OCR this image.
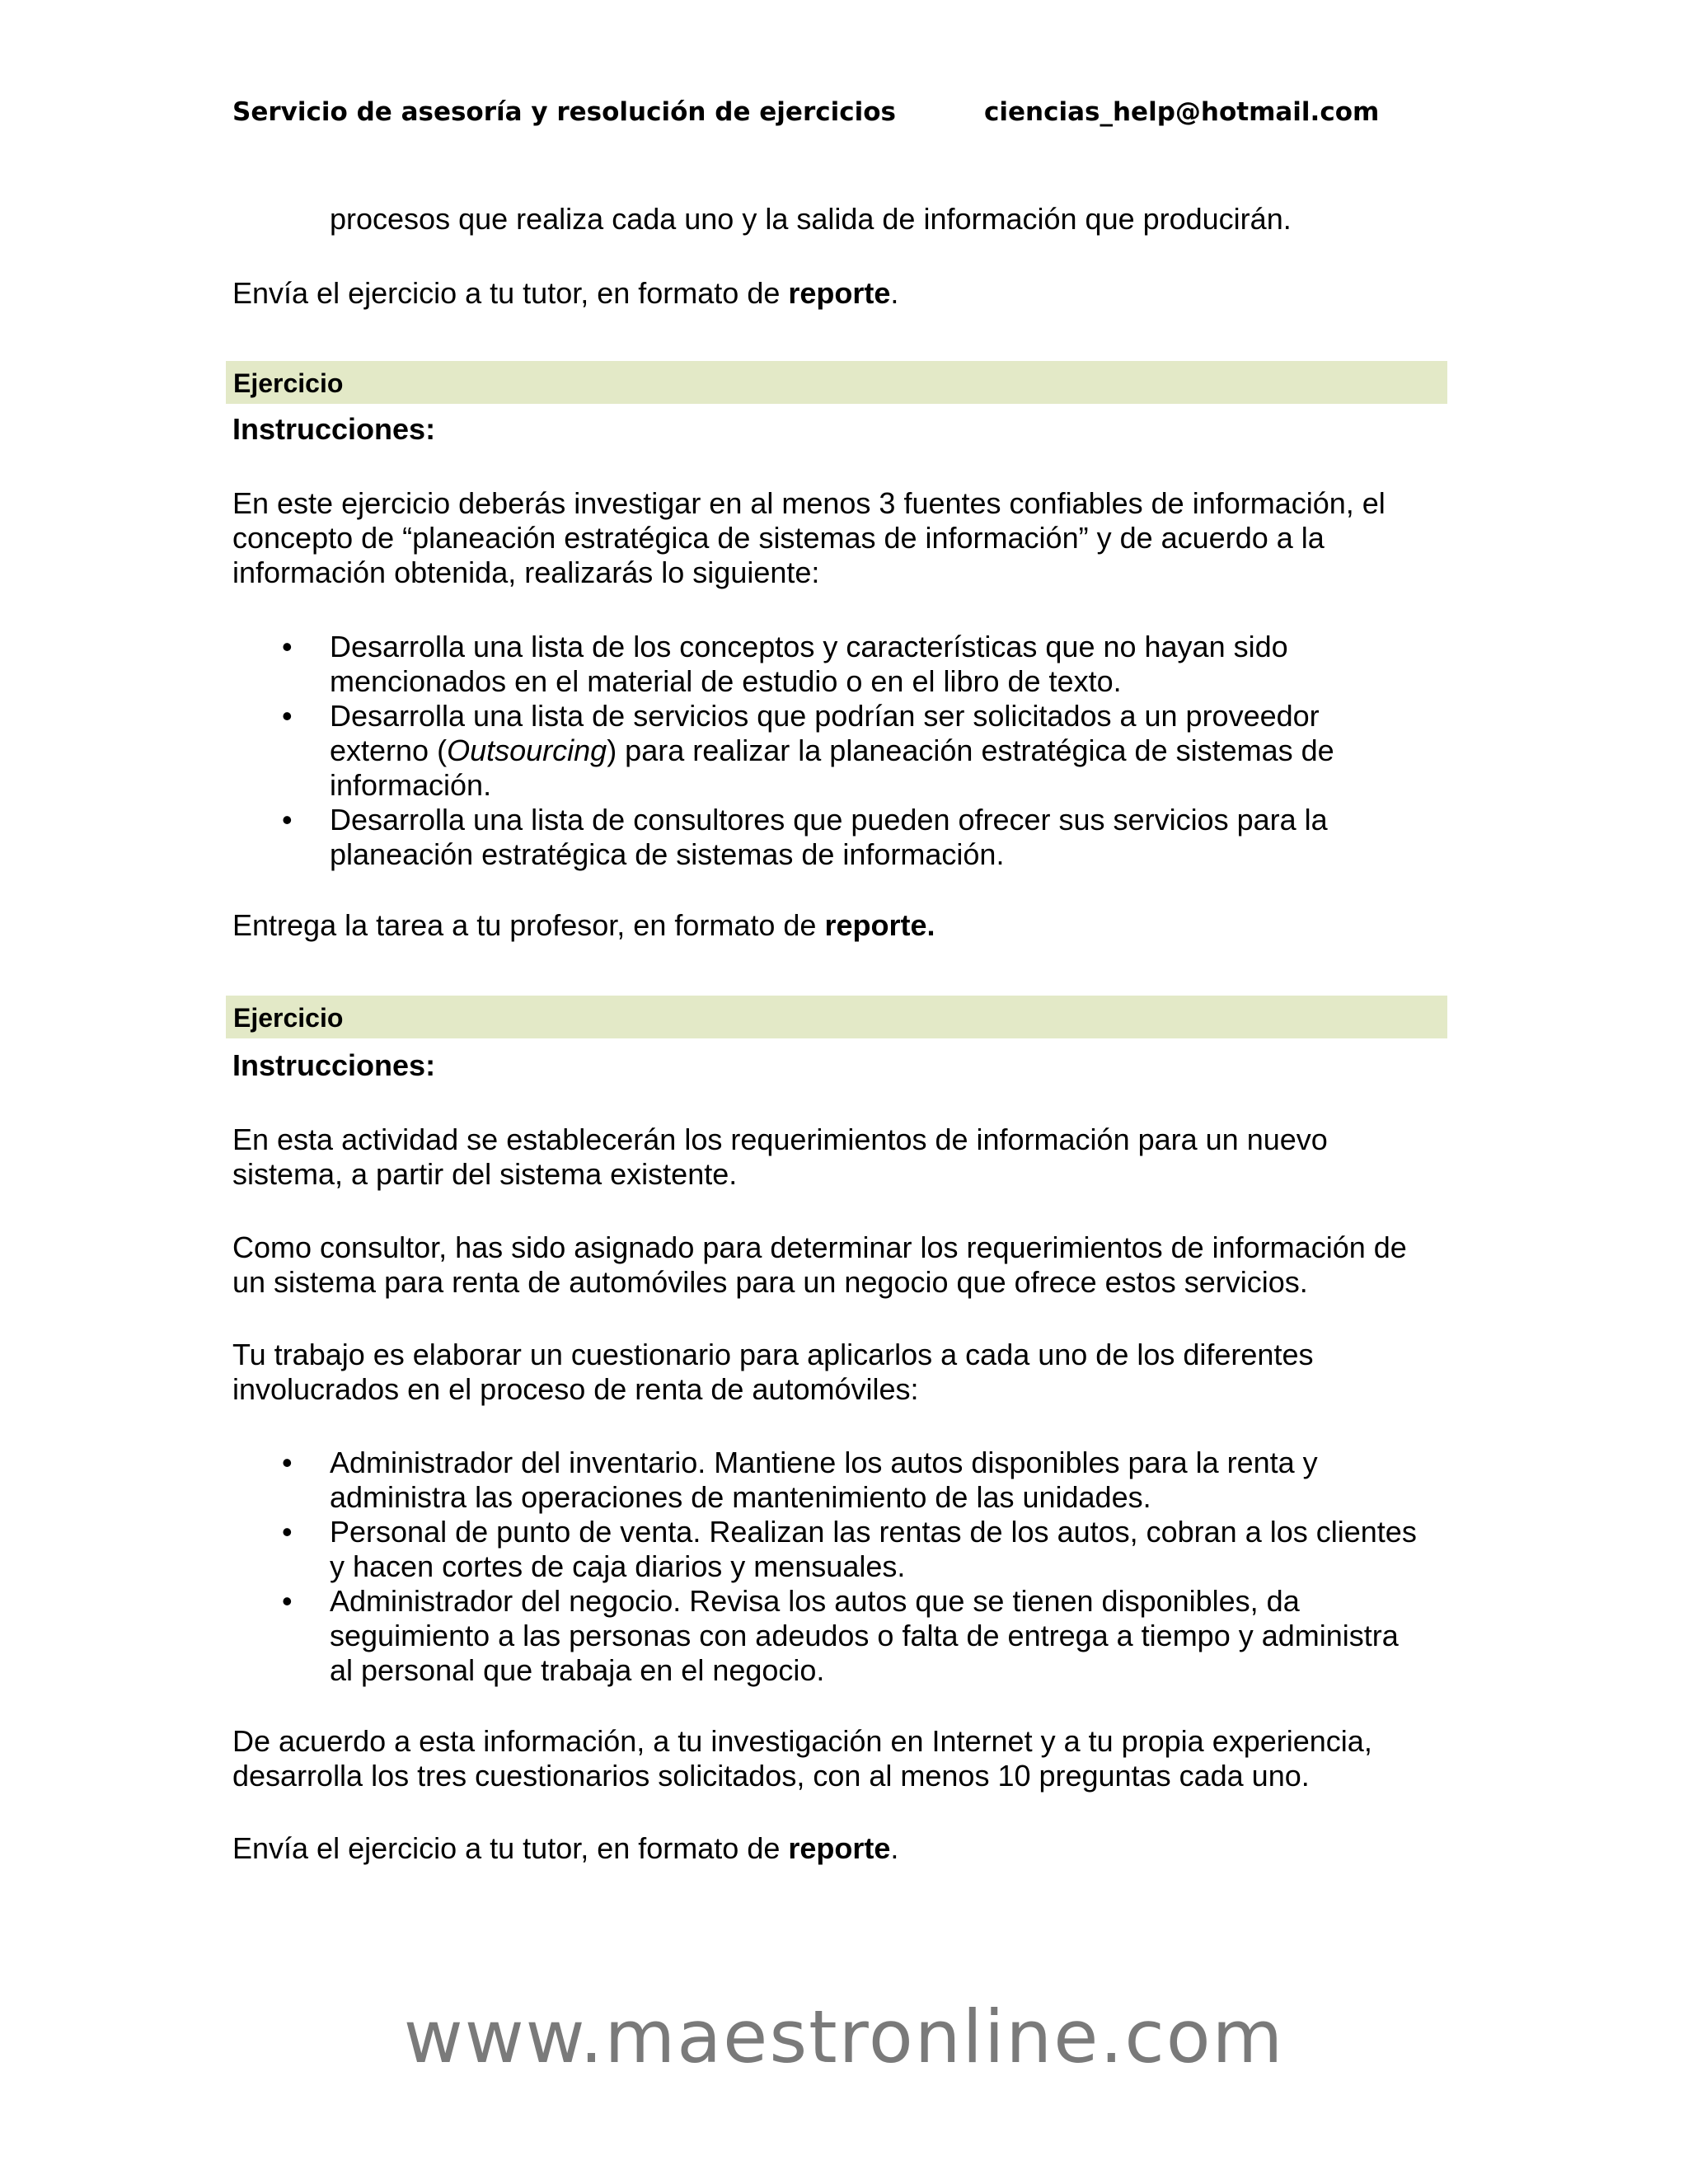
Servicio de asesoría y resolución de ejercicios	ciencias_help@hotmail.com

procesos que realiza cada uno y la salida de información que producirán.

Envía el ejercicio a tu tutor, en formato de reporte.

Ejercicio

Instrucciones:

En este ejercicio deberás investigar en al menos 3 fuentes confiables de información, el

concepto de “planeación estratégica de sistemas de información” y de acuerdo a la

información obtenida, realizarás lo siguiente:

• Desarrolla una lista de los conceptos y características que no hayan sido
mencionados en el material de estudio o en el libro de texto.
• Desarrolla una lista de servicios que podrían ser solicitados a un proveedor
externo (Outsourcing) para realizar la planeación estratégica de sistemas de
información.
• Desarrolla una lista de consultores que pueden ofrecer sus servicios para la
planeación estratégica de sistemas de información.

Entrega la tarea a tu profesor, en formato de reporte.

Ejercicio

Instrucciones:

En esta actividad se establecerán los requerimientos de información para un nuevo

sistema, a partir del sistema existente.

Como consultor, has sido asignado para determinar los requerimientos de información de

un sistema para renta de automóviles para un negocio que ofrece estos servicios.

Tu trabajo es elaborar un cuestionario para aplicarlos a cada uno de los diferentes

involucrados en el proceso de renta de automóviles:

• Administrador del inventario. Mantiene los autos disponibles para la renta y
administra las operaciones de mantenimiento de las unidades.
• Personal de punto de venta. Realizan las rentas de los autos, cobran a los clientes
y hacen cortes de caja diarios y mensuales.
• Administrador del negocio. Revisa los autos que se tienen disponibles, da
seguimiento a las personas con adeudos o falta de entrega a tiempo y administra
al personal que trabaja en el negocio.

De acuerdo a esta información, a tu investigación en Internet y a tu propia experiencia,

desarrolla los tres cuestionarios solicitados, con al menos 10 preguntas cada uno.

Envía el ejercicio a tu tutor, en formato de reporte.

www.maestronline.com
